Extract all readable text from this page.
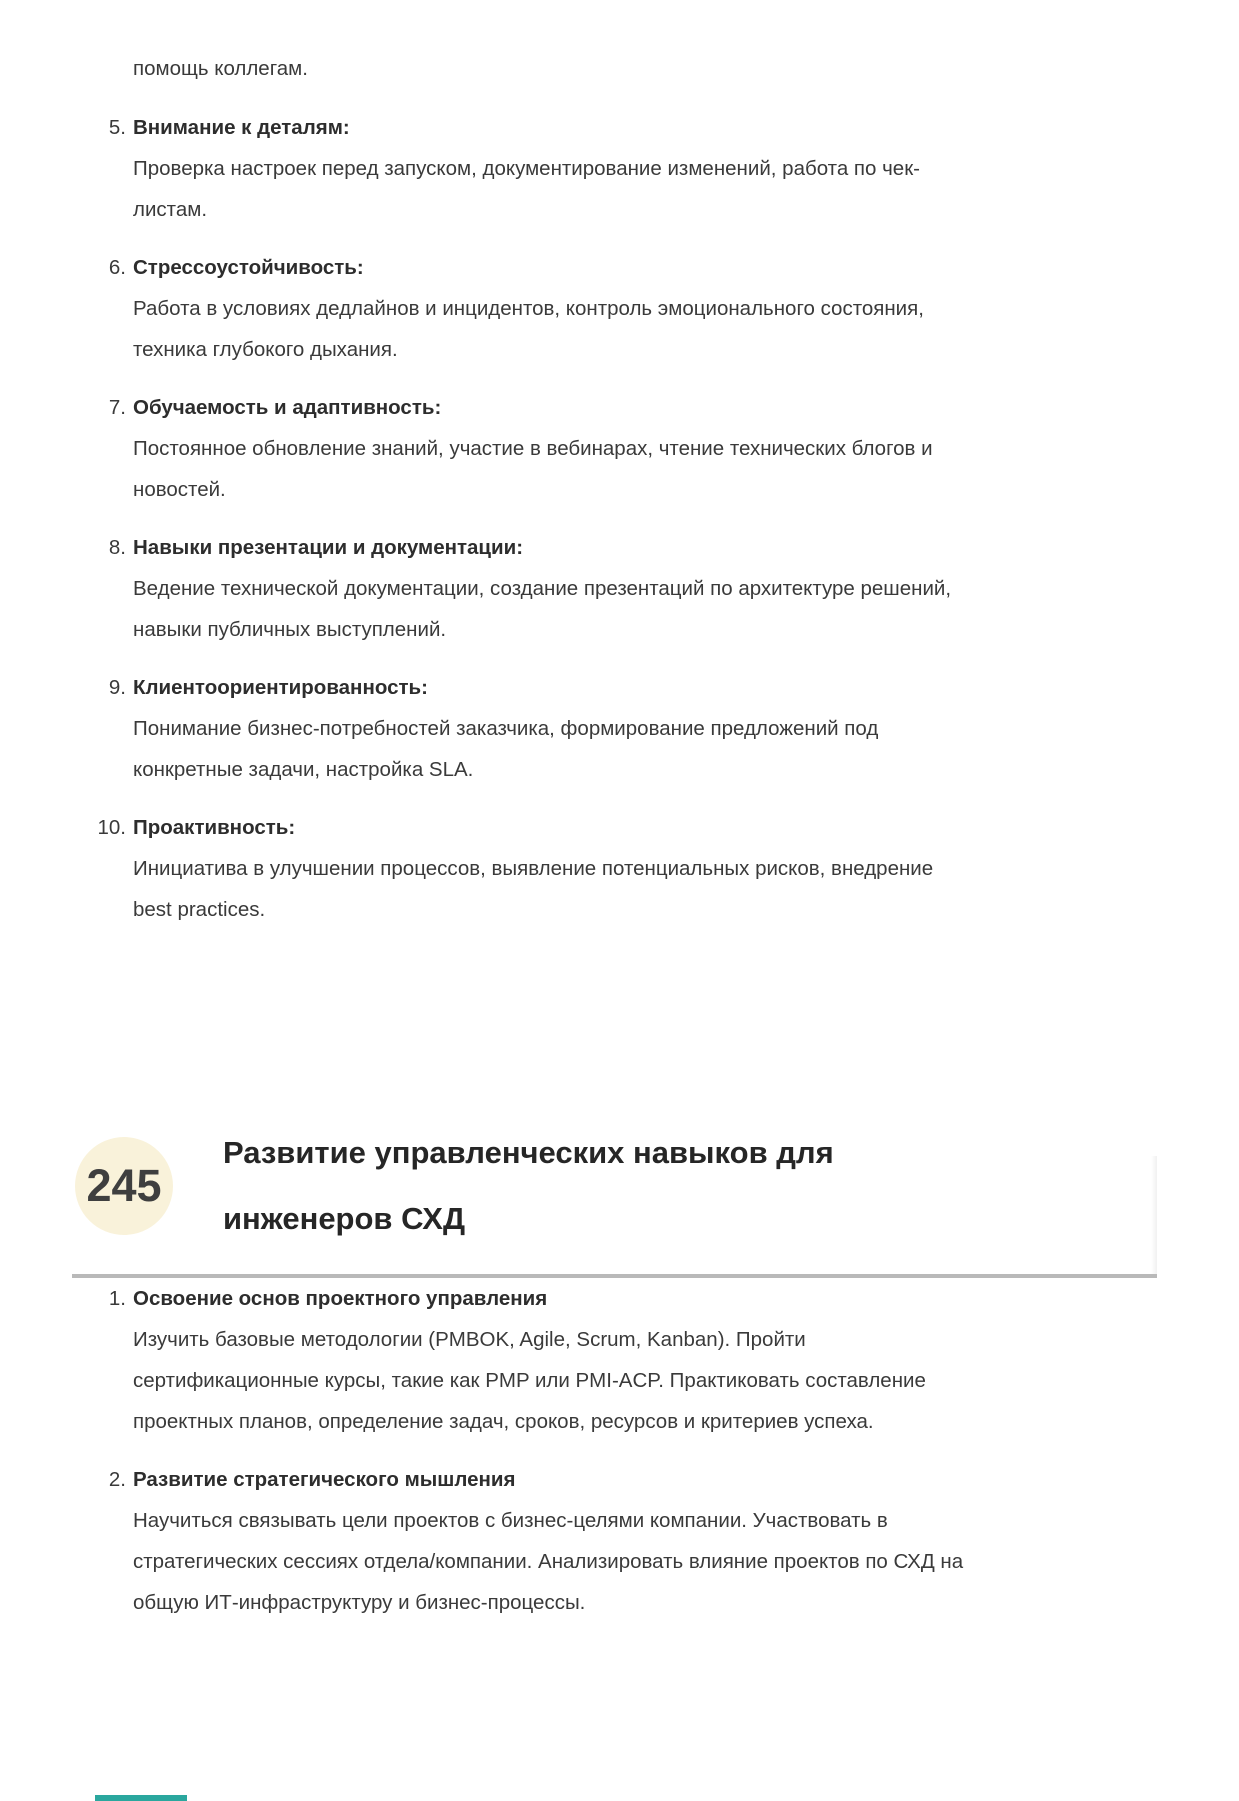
помощь коллегам.
5. Внимание к деталям:
Проверка настроек перед запуском, документирование изменений, работа по чек-
листам.
6. Стрессоустойчивость:
Работа в условиях дедлайнов и инцидентов, контроль эмоционального состояния,
техника глубокого дыхания.
7. Обучаемость и адаптивность:
Постоянное обновление знаний, участие в вебинарах, чтение технических блогов и
новостей.
8. Навыки презентации и документации:
Ведение технической документации, создание презентаций по архитектуре решений,
навыки публичных выступлений.
9. Клиентоориентированность:
Понимание бизнес-потребностей заказчика, формирование предложений под
конкретные задачи, настройка SLA.
10. Проактивность:
Инициатива в улучшении процессов, выявление потенциальных рисков, внедрение
best practices.
245
Развитие управленческих навыков для
инженеров СХД
1. Освоение основ проектного управления
Изучить базовые методологии (PMBOK, Agile, Scrum, Kanban). Пройти
сертификационные курсы, такие как PMP или PMI-ACP. Практиковать составление
проектных планов, определение задач, сроков, ресурсов и критериев успеха.
2. Развитие стратегического мышления
Научиться связывать цели проектов с бизнес-целями компании. Участвовать в
стратегических сессиях отдела/компании. Анализировать влияние проектов по СХД на
общую ИТ-инфраструктуру и бизнес-процессы.
